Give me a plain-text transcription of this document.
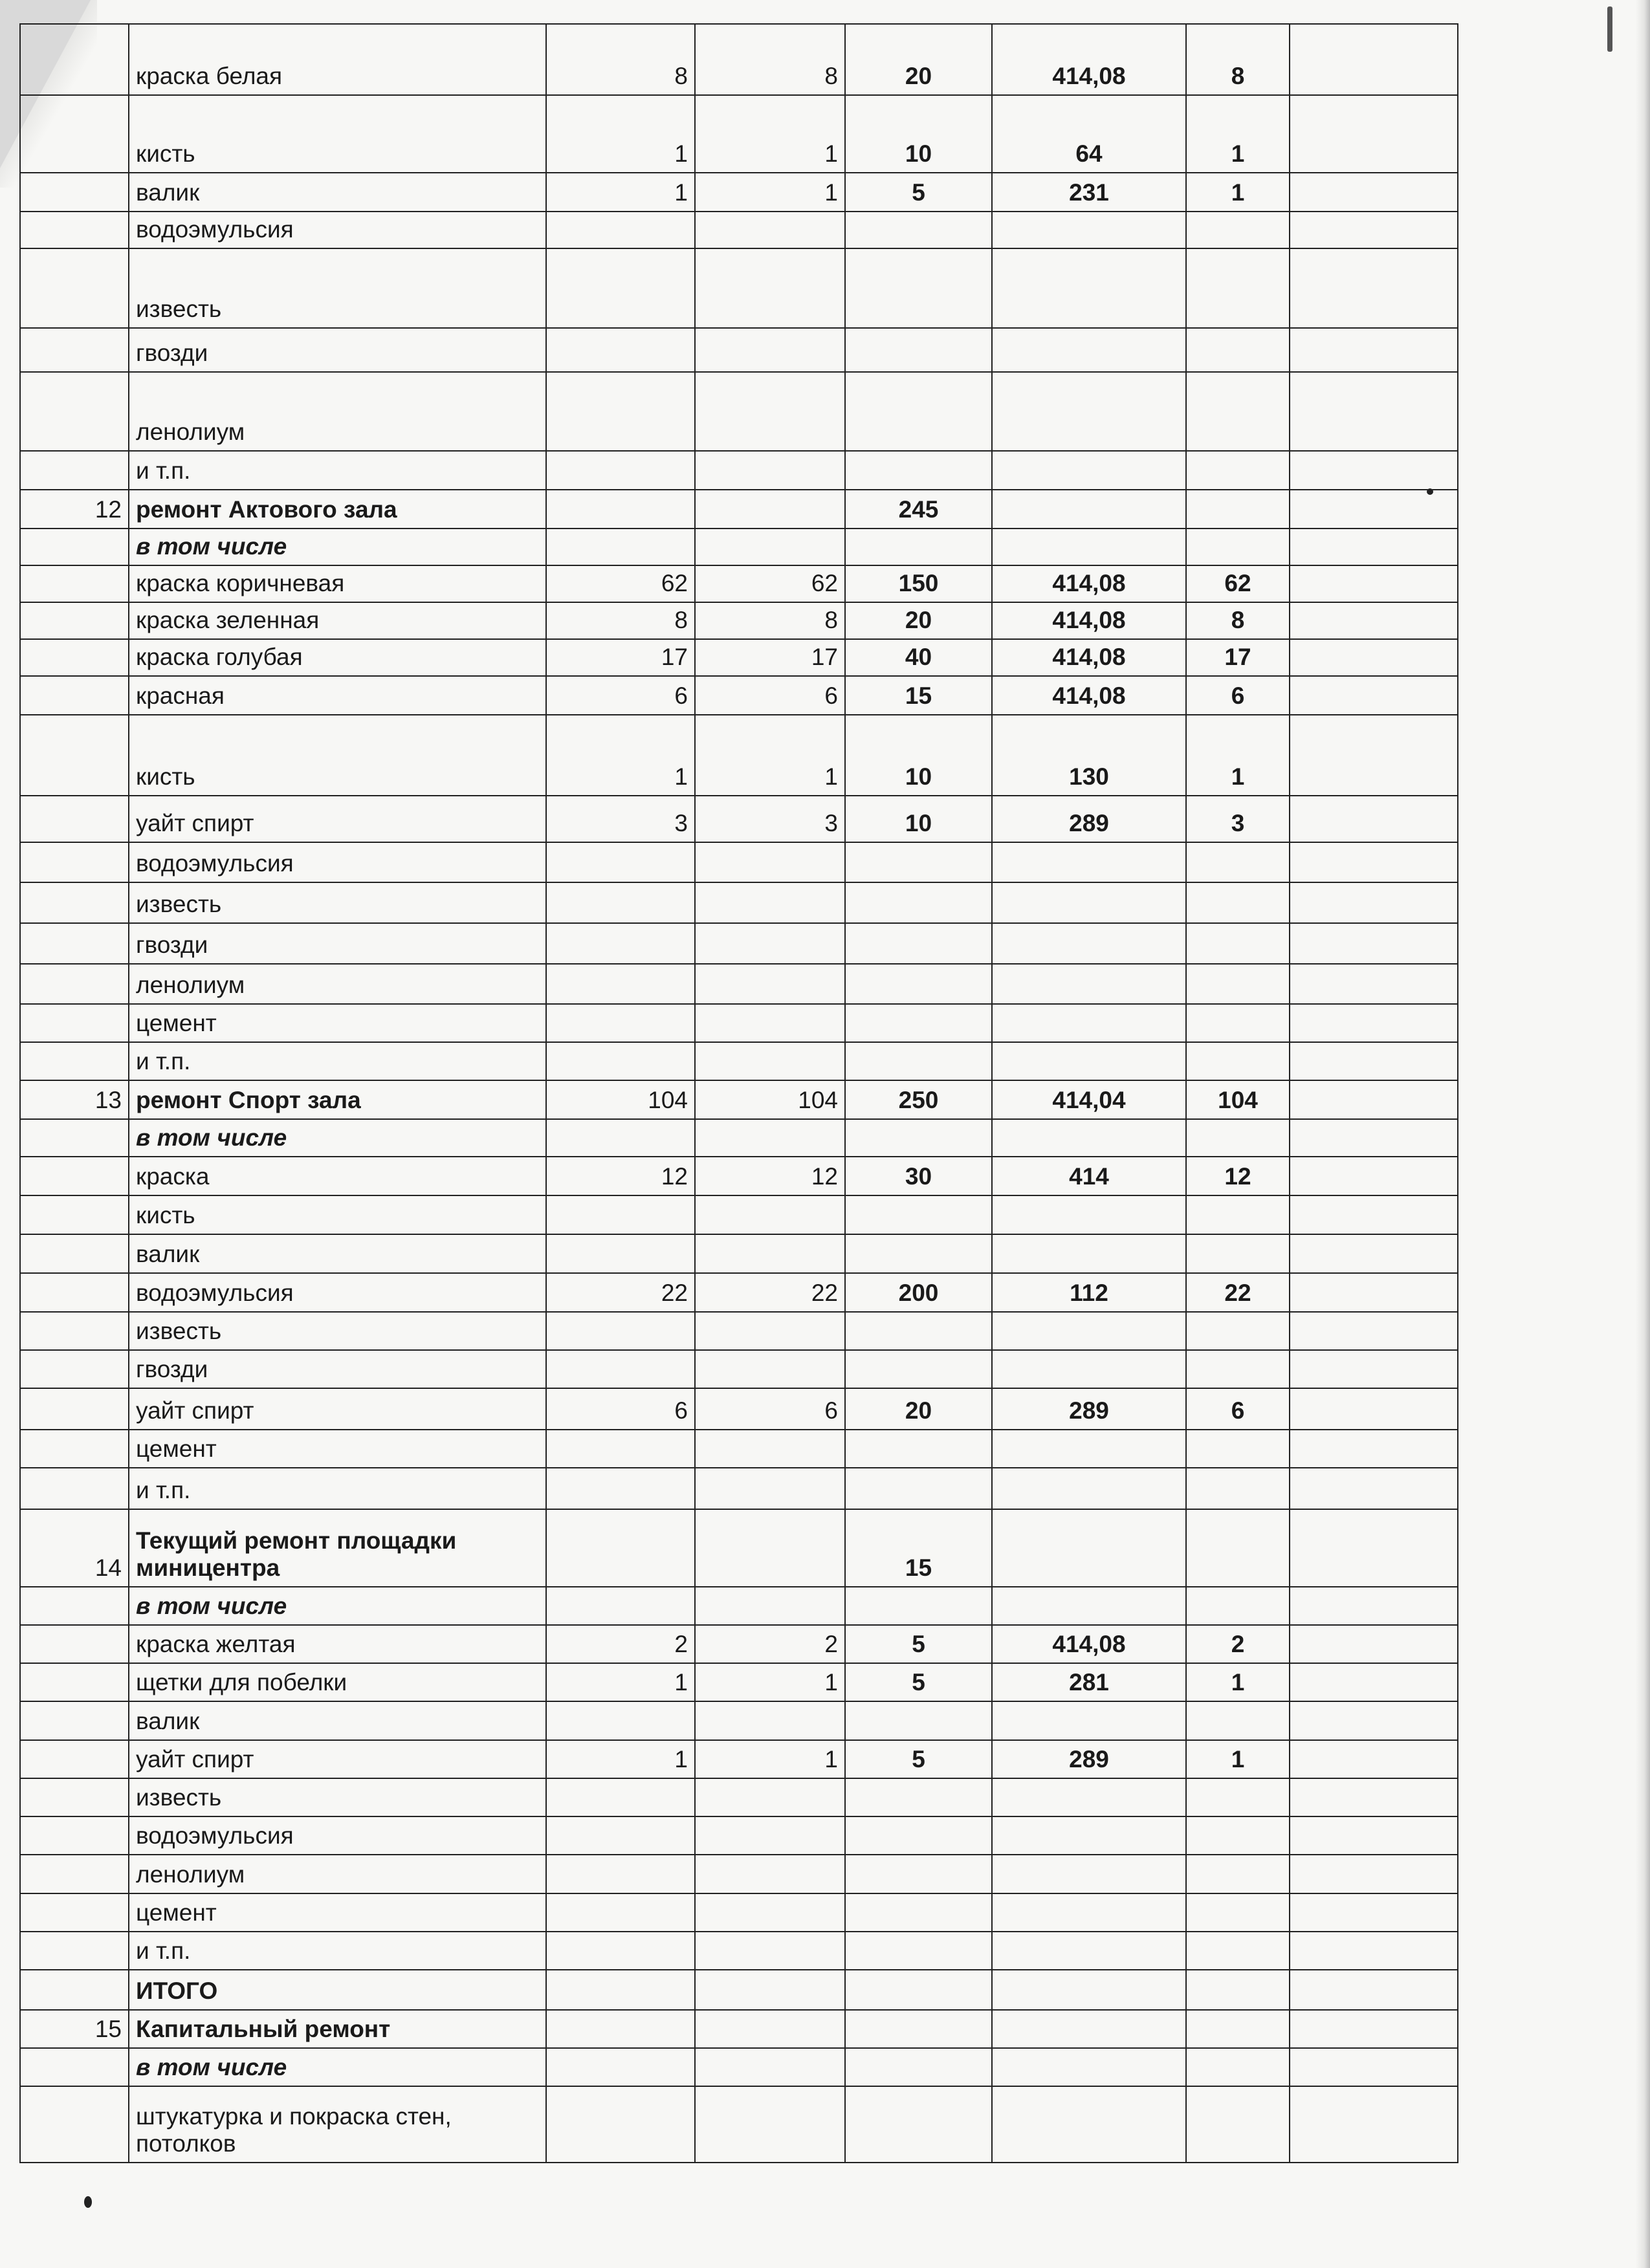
	краска белая	8	8	20	414,08	8	
	кисть	1	1	10	64	1	
	валик	1	1	5	231	1	
	водоэмульсия						
	известь						
	гвозди						
	ленолиум						
	и т.п.						
12	ремонт Актового зала			245			
	в том числе						
	краска коричневая	62	62	150	414,08	62	
	краска зеленная	8	8	20	414,08	8	
	краска голубая	17	17	40	414,08	17	
	красная	6	6	15	414,08	6	
	кисть	1	1	10	130	1	
	уайт спирт	3	3	10	289	3	
	водоэмульсия						
	известь						
	гвозди						
	ленолиум						
	цемент						
	и т.п.						
13	ремонт Спорт зала	104	104	250	414,04	104	
	в том числе						
	краска	12	12	30	414	12	
	кисть						
	валик						
	водоэмульсия	22	22	200	112	22	
	известь						
	гвозди						
	уайт спирт	6	6	20	289	6	
	цемент						
	и т.п.						
14	Текущий ремонт площадки миницентра			15			
	в том числе						
	краска желтая	2	2	5	414,08	2	
	щетки для побелки	1	1	5	281	1	
	валик						
	уайт спирт	1	1	5	289	1	
	известь						
	водоэмульсия						
	ленолиум						
	цемент						
	и т.п.						
	ИТОГО						
15	Капитальный ремонт						
	в том числе						
	штукатурка и покраска стен, потолков						
